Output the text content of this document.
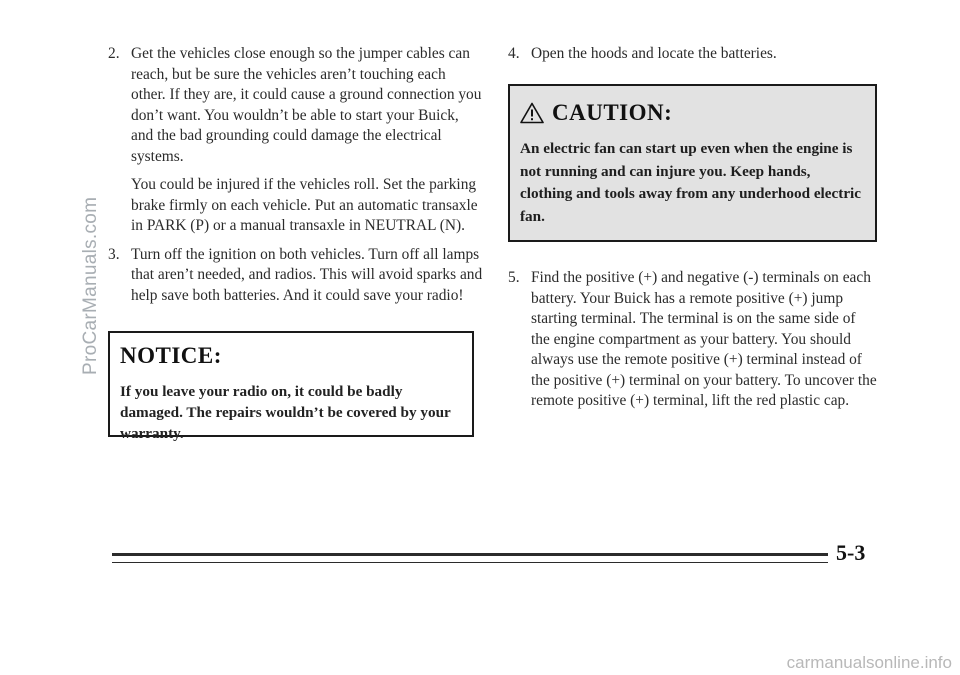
2. Get the vehicles close enough so the jumper cables can reach, but be sure the vehicles aren’t touching each other. If they are, it could cause a ground connection you don’t want. You wouldn’t be able to start your Buick, and the bad grounding could damage the electrical systems.

You could be injured if the vehicles roll. Set the parking brake firmly on each vehicle. Put an automatic transaxle in PARK (P) or a manual transaxle in NEUTRAL (N).

3. Turn off the ignition on both vehicles. Turn off all lamps that aren’t needed, and radios. This will avoid sparks and help save both batteries. And it could save your radio!

NOTICE:
If you leave your radio on, it could be badly damaged. The repairs wouldn’t be covered by your warranty.

4. Open the hoods and locate the batteries.

CAUTION:
An electric fan can start up even when the engine is not running and can injure you. Keep hands, clothing and tools away from any underhood electric fan.

5. Find the positive (+) and negative (-) terminals on each battery. Your Buick has a remote positive (+) jump starting terminal. The terminal is on the same side of the engine compartment as your battery. You should always use the remote positive (+) terminal instead of the positive (+) terminal on your battery. To uncover the remote positive (+) terminal, lift the red plastic cap.

5-3
ProCarManuals.com
carmanualsonline.info
